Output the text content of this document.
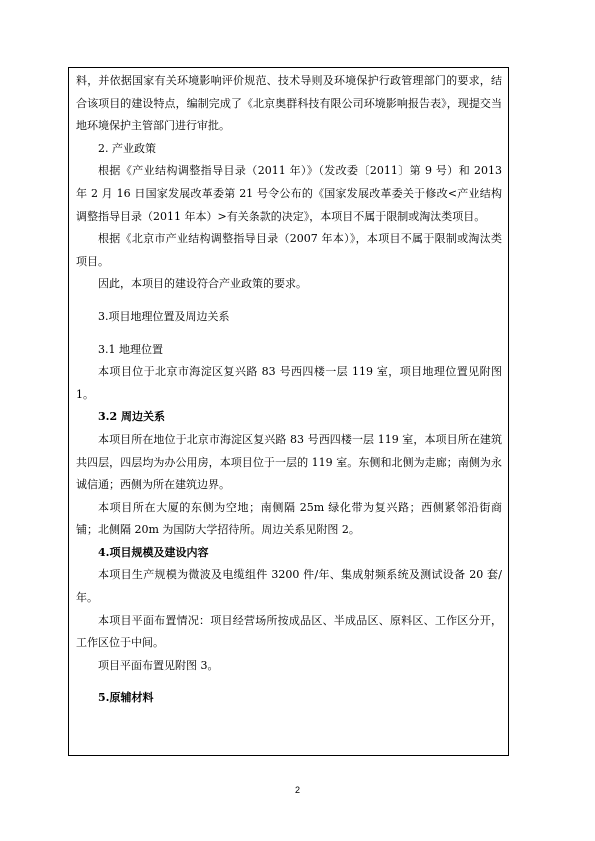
料，并依据国家有关环境影响评价规范、技术导则及环境保护行政管理部门的要求，结合该项目的建设特点，编制完成了《北京奥群科技有限公司环境影响报告表》，现提交当地环境保护主管部门进行审批。

2. 产业政策

根据《产业结构调整指导目录（2011 年）》（发改委〔2011〕第 9 号）和 2013 年 2 月 16 日国家发展改革委第 21 号令公布的《国家发展改革委关于修改<产业结构调整指导目录（2011 年本）>有关条款的决定》，本项目不属于限制或淘汰类项目。

根据《北京市产业结构调整指导目录（2007 年本）》，本项目不属于限制或淘汰类项目。

因此，本项目的建设符合产业政策的要求。

3.项目地理位置及周边关系

3.1 地理位置

本项目位于北京市海淀区复兴路 83 号西四楼一层 119 室，项目地理位置见附图 1。

3.2 周边关系

本项目所在地位于北京市海淀区复兴路 83 号西四楼一层 119 室，本项目所在建筑共四层，四层均为办公用房，本项目位于一层的 119 室。东侧和北侧为走廊；南侧为永诚信通；西侧为所在建筑边界。

本项目所在大厦的东侧为空地；南侧隔 25m 绿化带为复兴路；西侧紧邻沿街商铺；北侧隔 20m 为国防大学招待所。周边关系见附图 2。

4.项目规模及建设内容

本项目生产规模为微波及电缆组件 3200 件/年、集成射频系统及测试设备 20 套/年。

本项目平面布置情况：项目经营场所按成品区、半成品区、原料区、工作区分开，工作区位于中间。

项目平面布置见附图 3。

5.原辅材料

2
